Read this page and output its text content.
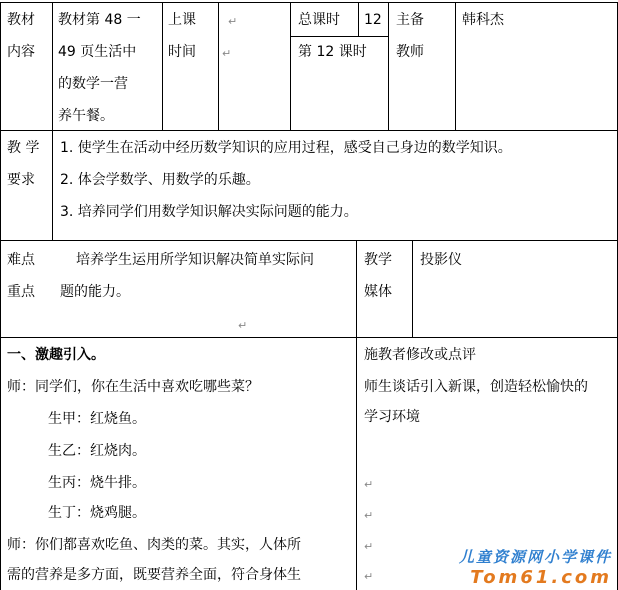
教材
内容
教材第 48 一
49 页生活中
的数学一营
养午餐。
上课
时间
总课时 12
第 12 课时
主备
教师
韩科杰
教 学
要求
1. 使学生在活动中经历数学知识的应用过程，感受自己身边的数学知识。
2. 体会学数学、用数学的乐趣。
3. 培养同学们用数学知识解决实际问题的能力。
难点
重点
培养学生运用所学知识解决简单实际问
题的能力。
教学
媒体
投影仪
一、激趣引入。
师：同学们，你在生活中喜欢吃哪些菜？
生甲：红烧鱼。
生乙：红烧肉。
生丙：烧牛排。
生丁：烧鸡腿。
师：你们都喜欢吃鱼、肉类的菜。其实，人体所
需的营养是多方面，既要营养全面，符合身体生
施教者修改或点评
师生谈话引入新课，创造轻松愉快的
学习环境
↵
↵
↵
↵
↵
↵
↵
儿童资源网小学课件
Tom61.com
